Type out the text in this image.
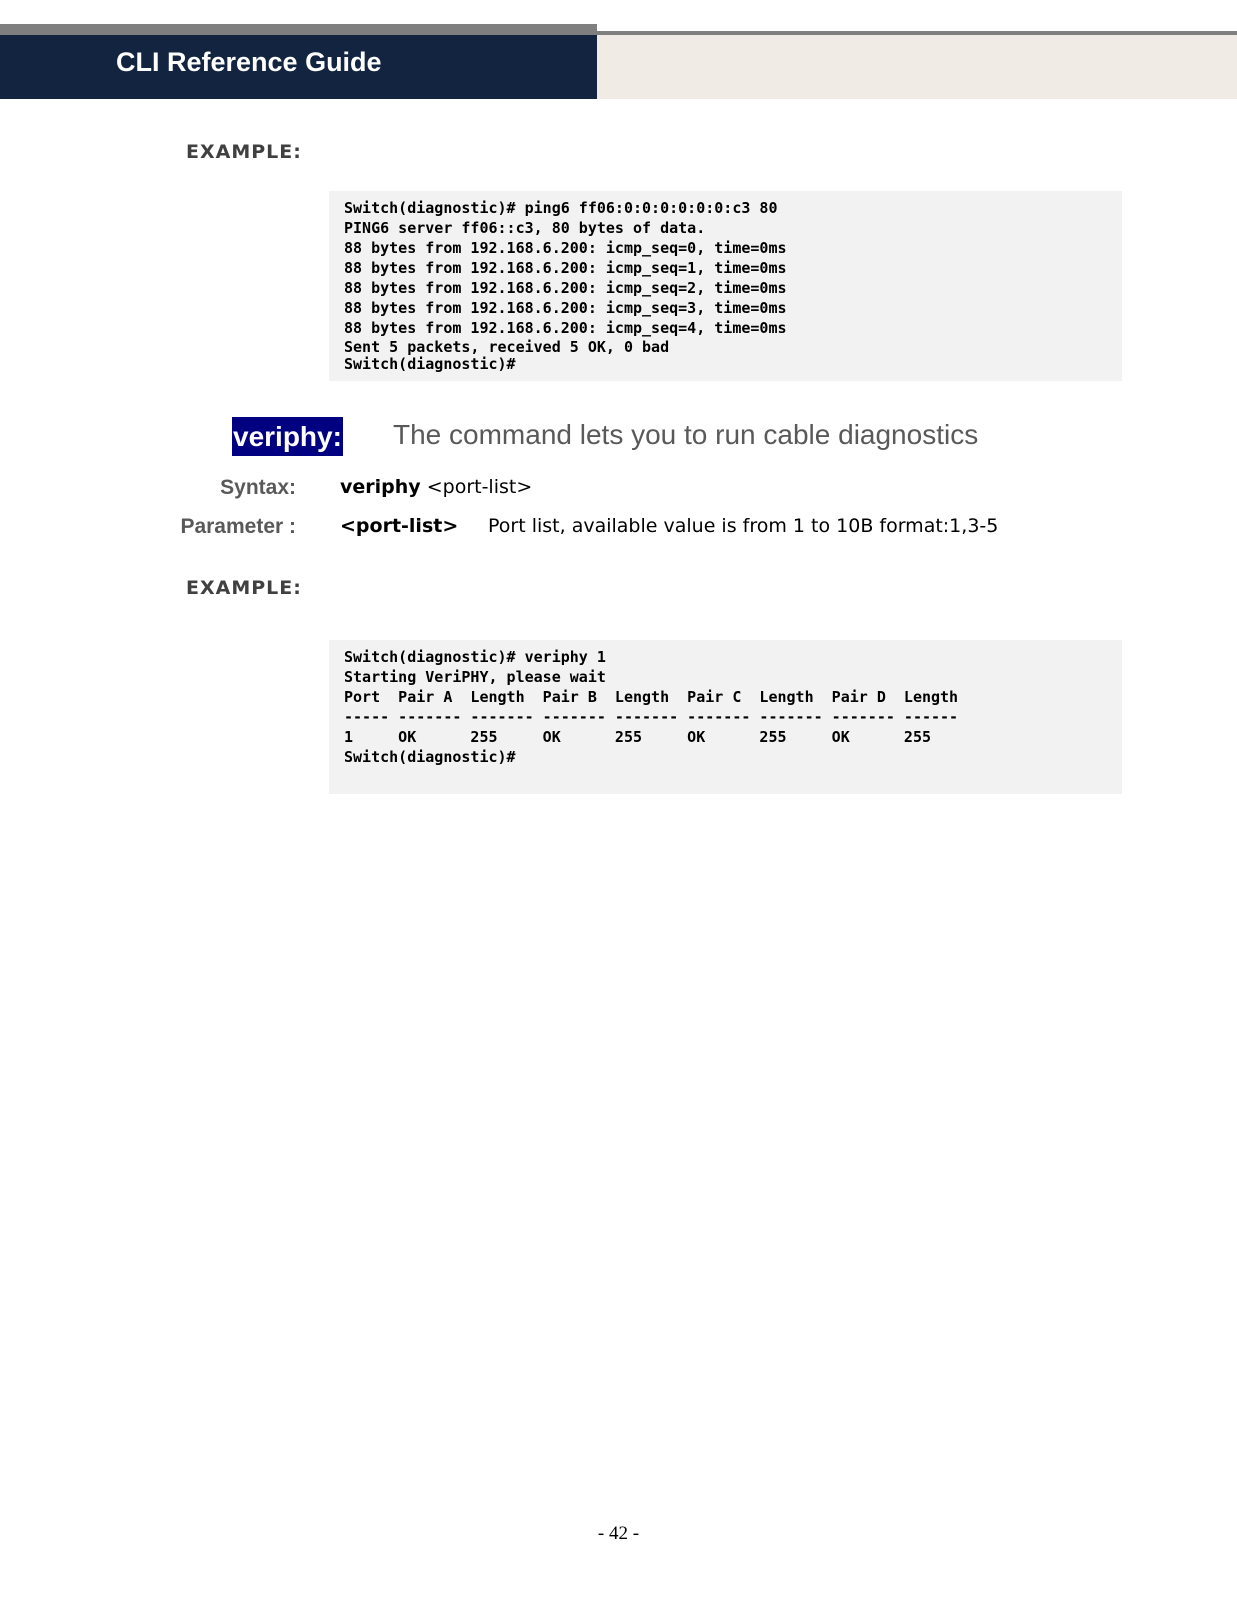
CLI Reference Guide
EXAMPLE:
Switch(diagnostic)# ping6 ff06:0:0:0:0:0:0:c3 80
PING6 server ff06::c3, 80 bytes of data.
88 bytes from 192.168.6.200: icmp_seq=0, time=0ms
88 bytes from 192.168.6.200: icmp_seq=1, time=0ms
88 bytes from 192.168.6.200: icmp_seq=2, time=0ms
88 bytes from 192.168.6.200: icmp_seq=3, time=0ms
88 bytes from 192.168.6.200: icmp_seq=4, time=0ms
Sent 5 packets, received 5 OK, 0 bad
Switch(diagnostic)#
veriphy: The command lets you to run cable diagnostics
Syntax: veriphy <port-list>
Parameter : <port-list> Port list, available value is from 1 to 10B format:1,3-5
EXAMPLE:
Switch(diagnostic)# veriphy 1
Starting VeriPHY, please wait
Port  Pair A  Length  Pair B  Length  Pair C  Length  Pair D  Length
----- ------- ------- ------- ------- ------- ------- ------- ------
1     OK      255     OK      255     OK      255     OK      255
Switch(diagnostic)#
- 42 -
